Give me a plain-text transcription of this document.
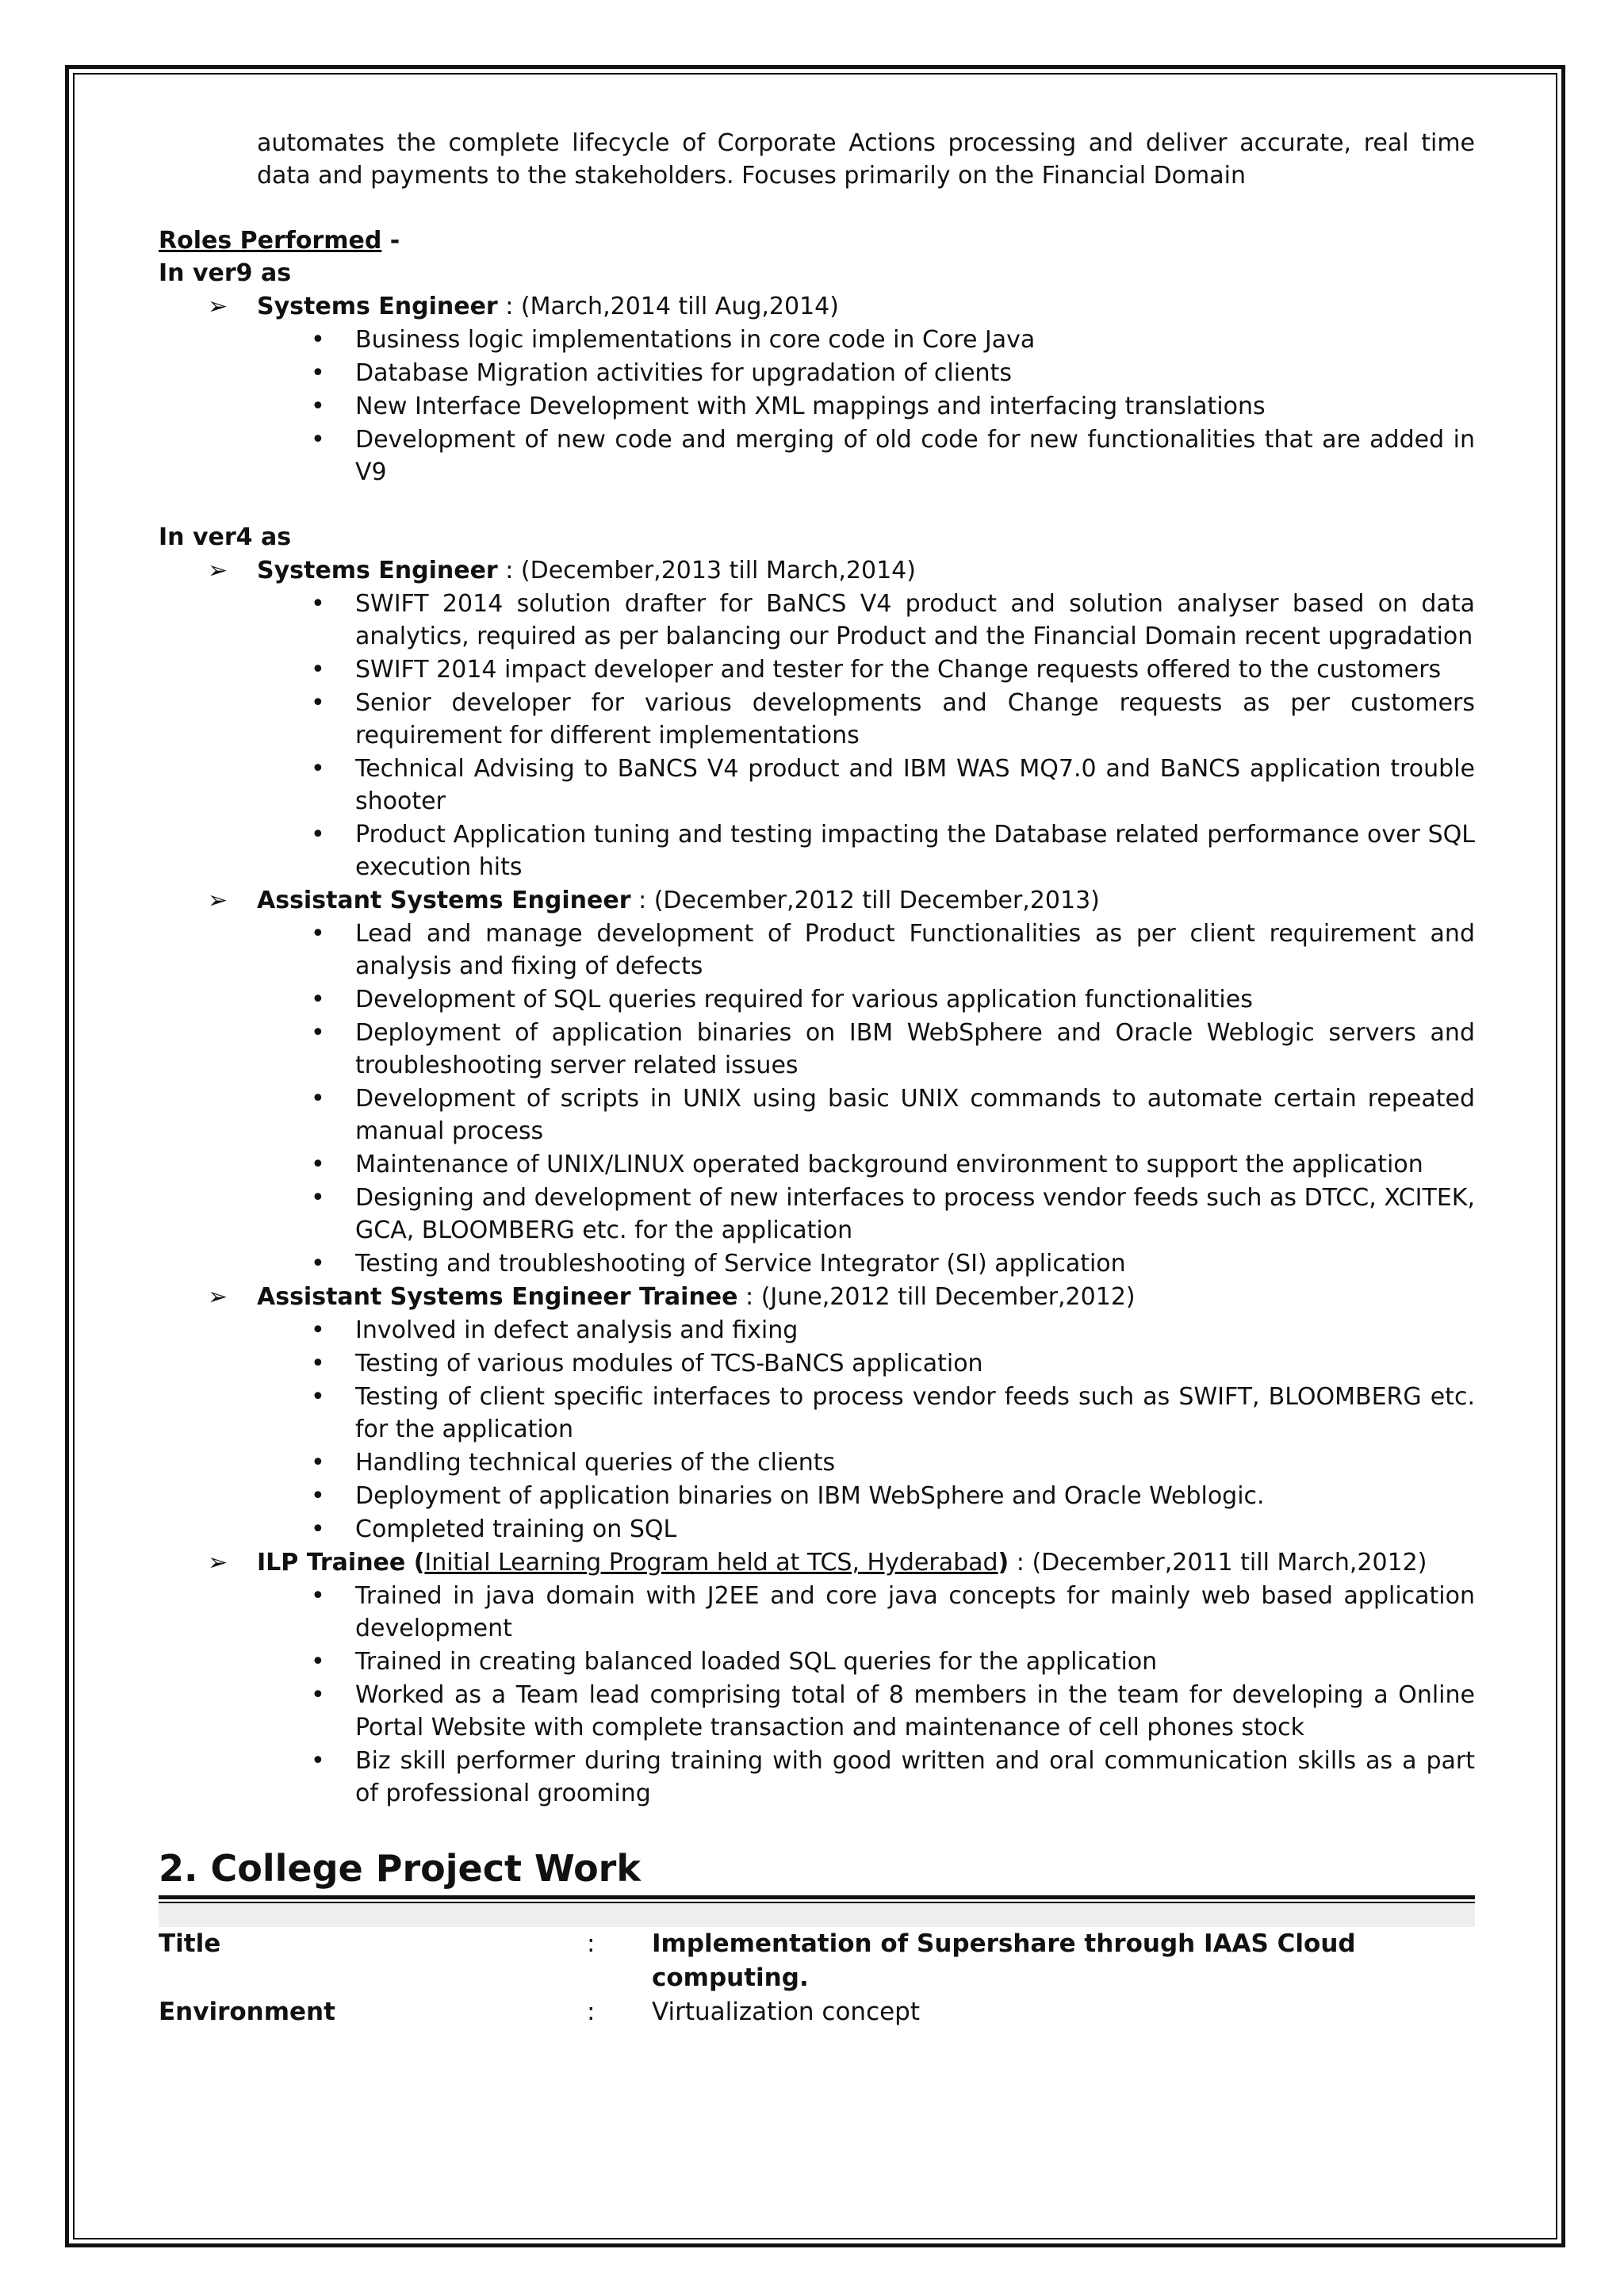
automates the complete lifecycle of Corporate Actions processing and deliver accurate, real time data and payments to the stakeholders. Focuses primarily on the Financial Domain
Roles Performed -
In ver9 as
➢ Systems Engineer : (March,2014 till Aug,2014)
• Business logic implementations in core code in Core Java
• Database Migration activities for upgradation of clients
• New Interface Development with XML mappings and interfacing translations
• Development of new code and merging of old code for new functionalities that are added in V9
In ver4 as
➢ Systems Engineer : (December,2013 till March,2014)
• SWIFT 2014 solution drafter for BaNCS V4 product and solution analyser based on data analytics, required as per balancing our Product and the Financial Domain recent upgradation
• SWIFT 2014 impact developer and tester for the Change requests offered to the customers
• Senior developer for various developments and Change requests as per customers requirement for different implementations
• Technical Advising to BaNCS V4 product and IBM WAS MQ7.0 and BaNCS application trouble shooter
• Product Application tuning and testing impacting the Database related performance over SQL execution hits
➢ Assistant Systems Engineer : (December,2012 till December,2013)
• Lead and manage development of Product Functionalities as per client requirement and analysis and fixing of defects
• Development of SQL queries required for various application functionalities
• Deployment of application binaries on IBM WebSphere and Oracle Weblogic servers and troubleshooting server related issues
• Development of scripts in UNIX using basic UNIX commands to automate certain repeated manual process
• Maintenance of UNIX/LINUX operated background environment to support the application
• Designing and development of new interfaces to process vendor feeds such as DTCC, XCITEK, GCA, BLOOMBERG etc. for the application
• Testing and troubleshooting of Service Integrator (SI) application
➢ Assistant Systems Engineer Trainee : (June,2012 till December,2012)
• Involved in defect analysis and fixing
• Testing of various modules of TCS-BaNCS application
• Testing of client specific interfaces to process vendor feeds such as SWIFT, BLOOMBERG etc. for the application
• Handling technical queries of the clients
• Deployment of application binaries on IBM WebSphere and Oracle Weblogic.
• Completed training on SQL
➢ ILP Trainee (Initial Learning Program held at TCS, Hyderabad) : (December,2011 till March,2012)
• Trained in java domain with J2EE and core java concepts for mainly web based application development
• Trained in creating balanced loaded SQL queries for the application
• Worked as a Team lead comprising total of 8 members in the team for developing a Online Portal Website with complete transaction and maintenance of cell phones stock
• Biz skill performer during training with good written and oral communication skills as a part of professional grooming
2. College Project Work
Title	:	Implementation of Supershare through IAAS Cloud computing.
Environment	:	Virtualization concept
